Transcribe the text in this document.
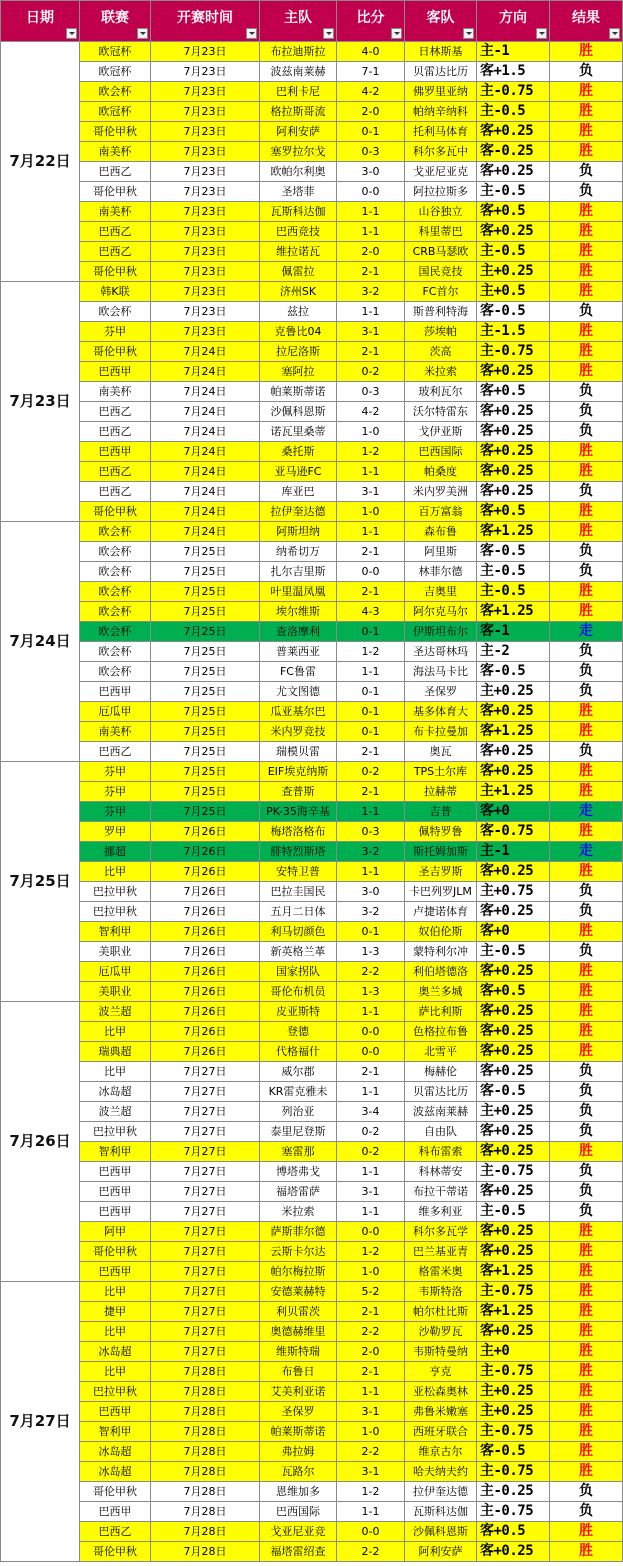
日期	联赛	开赛时间	主队	比分	客队	方向	结果

7月22日	欧冠杯	7月23日	布拉迪斯拉	4-0	日林斯基	主-1	胜
	欧冠杯	7月23日	波兹南莱赫	7-1	贝雷达比历	客+1.5	负
	欧会杯	7月23日	巴利卡尼	4-2	佛罗里亚纳	主-0.75	胜
	欧冠杯	7月23日	格拉斯哥流	2-0	帕纳辛纳科	主-0.5	胜
	哥伦甲秋	7月23日	阿利安萨	0-1	托利马体育	客+0.25	胜
	南美杯	7月23日	塞罗拉尔戈	0-3	科尔多瓦中	客-0.25	胜
	巴西乙	7月23日	欧帕尔利奥	3-0	戈亚尼亚克	客+0.25	负
	哥伦甲秋	7月23日	圣塔菲	0-0	阿拉拉斯多	主-0.5	负
	南美杯	7月23日	瓦斯科达伽	1-1	山谷独立	客+0.5	胜
	巴西乙	7月23日	巴西竞技	1-1	科里蒂巴	客+0.25	胜
	巴西乙	7月23日	维拉诺瓦	2-0	CRB马瑟欧	主-0.5	胜
	哥伦甲秋	7月23日	佩雷拉	2-1	国民竞技	主+0.25	胜
7月23日	韩K联	7月23日	济州SK	3-2	FC首尔	主+0.5	胜
	欧会杯	7月23日	兹拉	1-1	斯普利特海	客-0.5	负
	芬甲	7月23日	克鲁比04	3-1	莎埃帕	主-1.5	胜
	哥伦甲秋	7月24日	拉尼洛斯	2-1	茨高	主-0.75	胜
	巴西甲	7月24日	塞阿拉	0-2	米拉索	客+0.25	胜
	南美杯	7月24日	帕莱斯蒂诺	0-3	玻利瓦尔	客+0.5	负
	巴西乙	7月24日	沙佩科恩斯	4-2	沃尔特雷东	客+0.25	负
	巴西乙	7月24日	诺瓦里桑蒂	1-0	戈伊亚斯	客+0.25	负
	巴西甲	7月24日	桑托斯	1-2	巴西国际	客+0.25	胜
	巴西乙	7月24日	亚马逊FC	1-1	帕桑度	客+0.25	胜
	巴西乙	7月24日	库亚巴	3-1	米内罗美洲	客+0.25	负
	哥伦甲秋	7月24日	拉伊奎达德	1-0	百万富翁	客+0.5	胜
7月24日	欧会杯	7月24日	阿斯坦纳	1-1	森布鲁	客+1.25	胜
	欧会杯	7月25日	纳希切万	2-1	阿里斯	客-0.5	负
	欧会杯	7月25日	扎尔吉里斯	0-0	林菲尔德	主-0.5	负
	欧会杯	7月25日	叶里温凤凰	2-1	吉奥里	主-0.5	胜
	欧会杯	7月25日	埃尔维斯	4-3	阿尔克马尔	客+1.25	胜
	欧会杯	7月25日	查洛摩利	0-1	伊斯坦布尔	客-1	走
	欧会杯	7月25日	普莱西亚	1-2	圣达哥林玛	主-2	负
	欧会杯	7月25日	FC鲁雷	1-1	海法马卡比	客-0.5	负
	巴西甲	7月25日	尤文图德	0-1	圣保罗	主+0.25	负
	厄瓜甲	7月25日	瓜亚基尔巴	0-1	基多体育大	客+0.25	胜
	南美杯	7月25日	米内罗竞技	0-1	布卡拉曼加	客+1.25	胜
	巴西乙	7月25日	瑞模贝雷	2-1	奥瓦	客+0.25	负
7月25日	芬甲	7月25日	EIF埃克纳斯	0-2	TPS土尔库	客+0.25	胜
	芬甲	7月25日	查普斯	2-1	拉赫蒂	主+1.25	胜
	芬甲	7月25日	PK-35海辛基	1-1	吉普	客+0	走
	罗甲	7月26日	梅塔洛格布	0-3	佩特罗鲁	客-0.75	胜
	挪超	7月26日	腓特烈斯塔	3-2	斯托姆加斯	主-1	走
	比甲	7月26日	安特卫普	1-1	圣吉罗斯	客+0.25	胜
	巴拉甲秋	7月26日	巴拉圭国民	3-0	卡巴列罗JLM	主+0.75	负
	巴拉甲秋	7月26日	五月二日体	3-2	卢捷诺体育	客+0.25	负
	智利甲	7月26日	利马切颜色	0-1	奴伯伦斯	客+0	胜
	美职业	7月26日	新英格兰革	1-3	蒙特利尔冲	主-0.5	负
	厄瓜甲	7月26日	国家拐队	2-2	利伯塔德洛	客+0.25	胜
	美职业	7月26日	哥伦布机员	1-3	奥兰多城	客+0.5	胜
7月26日	波兰超	7月26日	皮亚斯特	1-1	萨比利斯	客+0.25	胜
	比甲	7月26日	登德	0-0	色格拉布鲁	客+0.25	胜
	瑞典超	7月26日	代格福什	0-0	北雪平	客+0.25	胜
	比甲	7月27日	威尔郡	2-1	梅赫伦	客+0.25	负
	冰岛超	7月27日	KR雷克雅未	1-1	贝雷达比历	客-0.5	负
	波兰超	7月27日	列治亚	3-4	波兹南莱赫	主+0.25	负
	巴拉甲秋	7月27日	泰里尼登斯	0-2	自由队	客+0.25	负
	智利甲	7月27日	塞雷那	0-2	科布雷索	客+0.25	胜
	巴西甲	7月27日	博塔弗戈	1-1	科林蒂安	主-0.75	负
	巴西甲	7月27日	福塔雷萨	3-1	布拉干蒂诺	客+0.25	负
	巴西甲	7月27日	米拉索	1-1	维多利亚	主-0.5	负
	阿甲	7月27日	萨斯菲尔德	0-0	科尔多瓦学	客+0.25	胜
	哥伦甲秋	7月27日	云斯卡尔达	1-2	巴兰基亚青	客+0.25	胜
	巴西甲	7月27日	帕尔梅拉斯	1-0	格雷米奥	客+1.25	胜
7月27日	比甲	7月27日	安德莱赫特	5-2	韦斯特洛	主-0.75	胜
	捷甲	7月27日	利贝雷茨	2-1	帕尔杜比斯	客+1.25	胜
	比甲	7月27日	奥德赫维里	2-2	沙勒罗瓦	客+0.25	胜
	冰岛超	7月27日	维斯特瑞	2-0	韦斯特曼纳	主+0	胜
	比甲	7月28日	布鲁日	2-1	亨克	主-0.75	胜
	巴拉甲秋	7月28日	艾美利亚诺	1-1	亚松森奥林	主+0.25	胜
	巴西甲	7月28日	圣保罗	3-1	弗鲁米嫩塞	主+0.25	胜
	智利甲	7月28日	帕莱斯蒂诺	1-0	西班牙联合	主-0.75	胜
	冰岛超	7月28日	弗拉姆	2-2	维京古尔	客-0.5	胜
	冰岛超	7月28日	瓦路尔	3-1	哈夫纳夫约	主-0.75	胜
	哥伦甲秋	7月28日	恩维加多	1-2	拉伊奎达德	主-0.25	负
	巴西甲	7月28日	巴西国际	1-1	瓦斯科达伽	主-0.75	负
	巴西乙	7月28日	戈亚尼亚竞	0-0	沙佩科恩斯	客+0.5	胜
	哥伦甲秋	7月28日	福塔雷绍查	2-2	阿利安萨	客+0.25	胜
